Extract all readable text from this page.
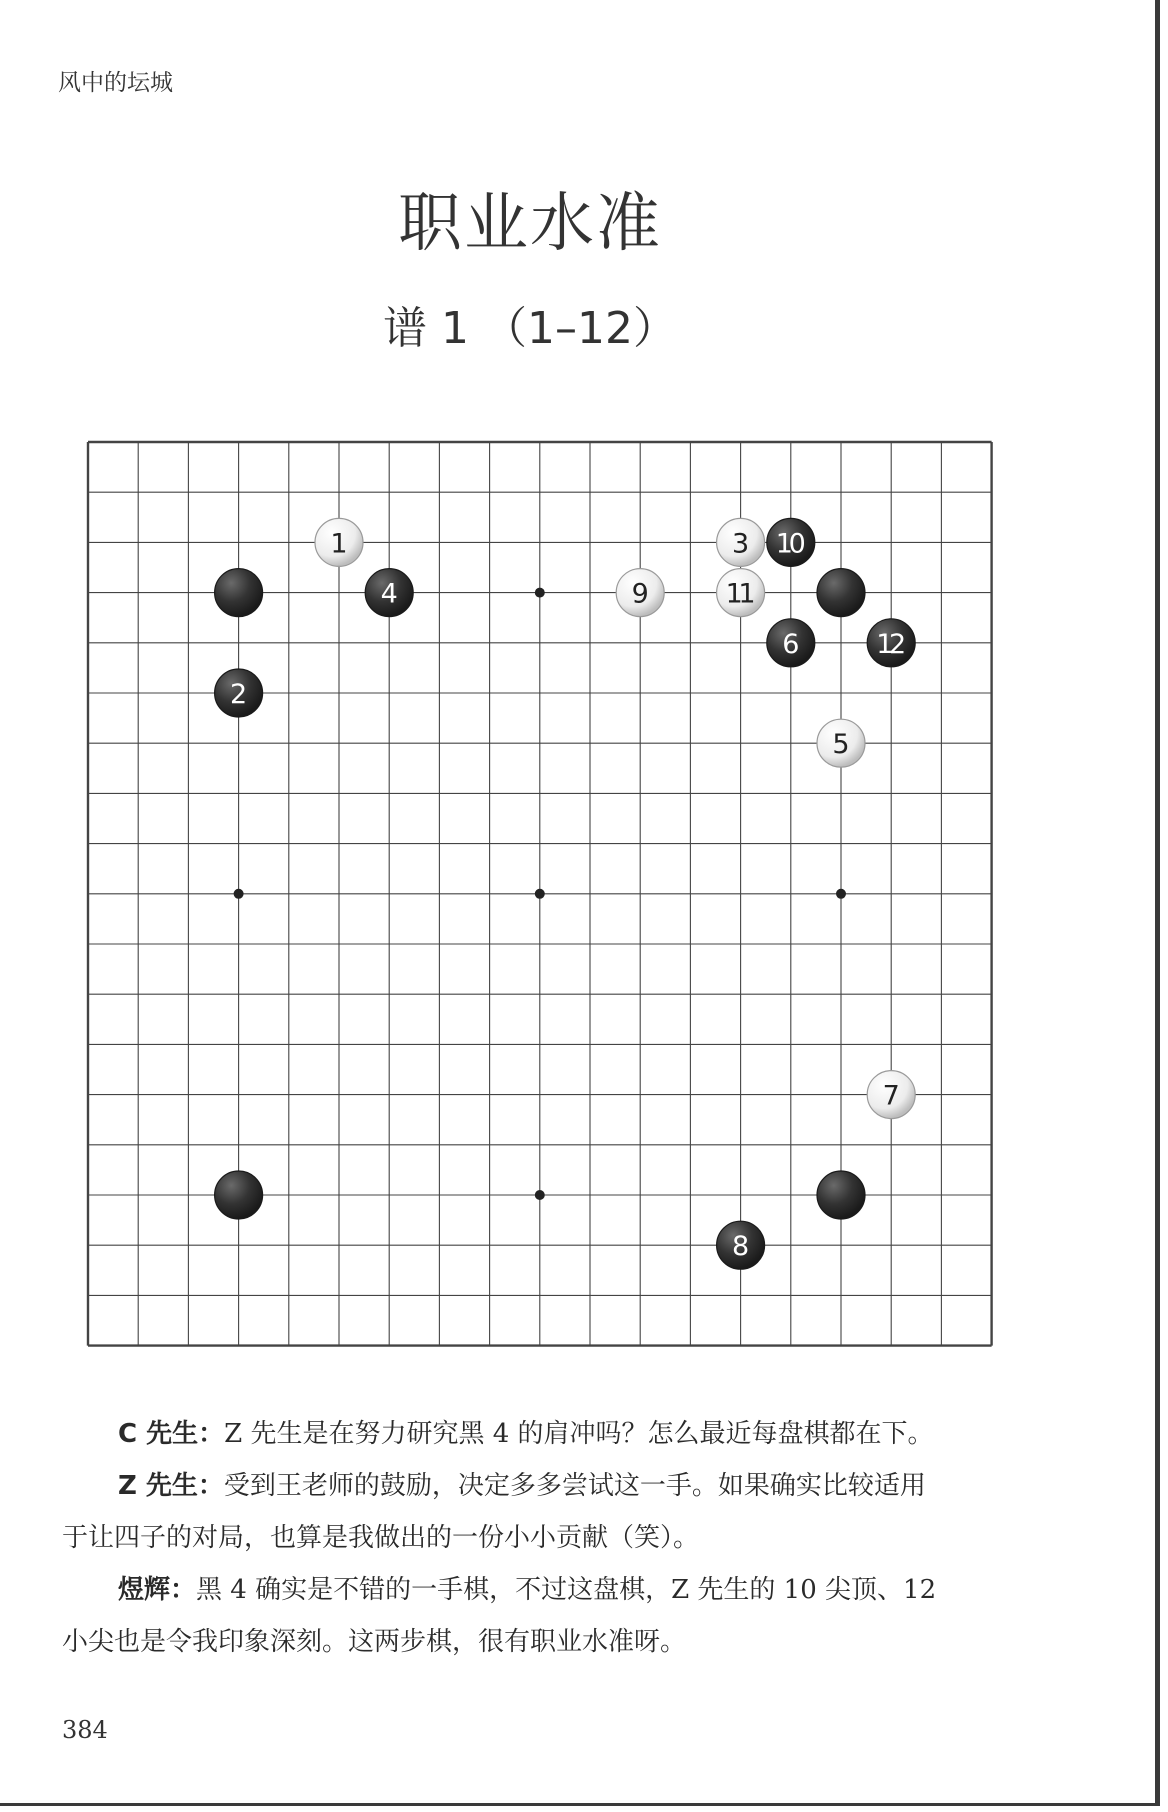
风中的坛城
职业水准
谱 1 （1–12）
1
2
3
4
5
6
7
8
9
10
11
12
C 先生：Z 先生是在努力研究黑 4 的肩冲吗？怎么最近每盘棋都在下。
Z 先生：受到王老师的鼓励，决定多多尝试这一手。如果确实比较适用
于让四子的对局，也算是我做出的一份小小贡献（笑）。
煜辉：黑 4 确实是不错的一手棋，不过这盘棋，Z 先生的 10 尖顶、12
小尖也是令我印象深刻。这两步棋，很有职业水准呀。
384
